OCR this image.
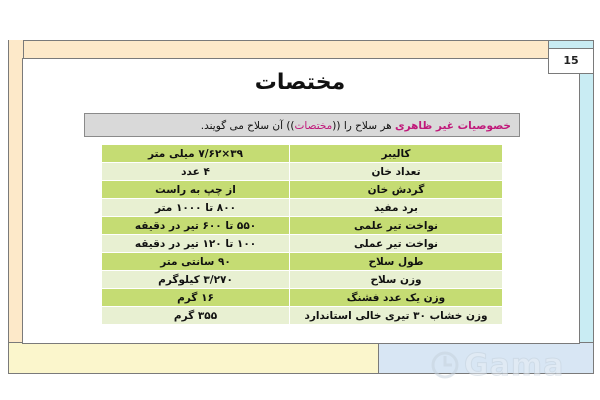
15
مختصات
خصوصیات غیر ظاهری هر سلاح را ((مختصات)) آن سلاح می گویند.
کالیبر	۳۹×۷/۶۲ میلی متر
تعداد خان	۴ عدد
گردش خان	از چپ به راست
برد مفید	۸۰۰ تا ۱۰۰۰ متر
نواخت تیر علمی	۵۵۰ تا ۶۰۰ تیر در دقیقه
نواخت تیر عملی	۱۰۰ تا ۱۲۰ تیر در دقیقه
طول سلاح	۹۰ سانتی متر
وزن سلاح	۳/۲۷۰ کیلوگرم
وزن یک عدد فشنگ	۱۶ گرم
وزن خشاب ۳۰ تیری خالی استاندارد	۳۵۵ گرم
Gama
